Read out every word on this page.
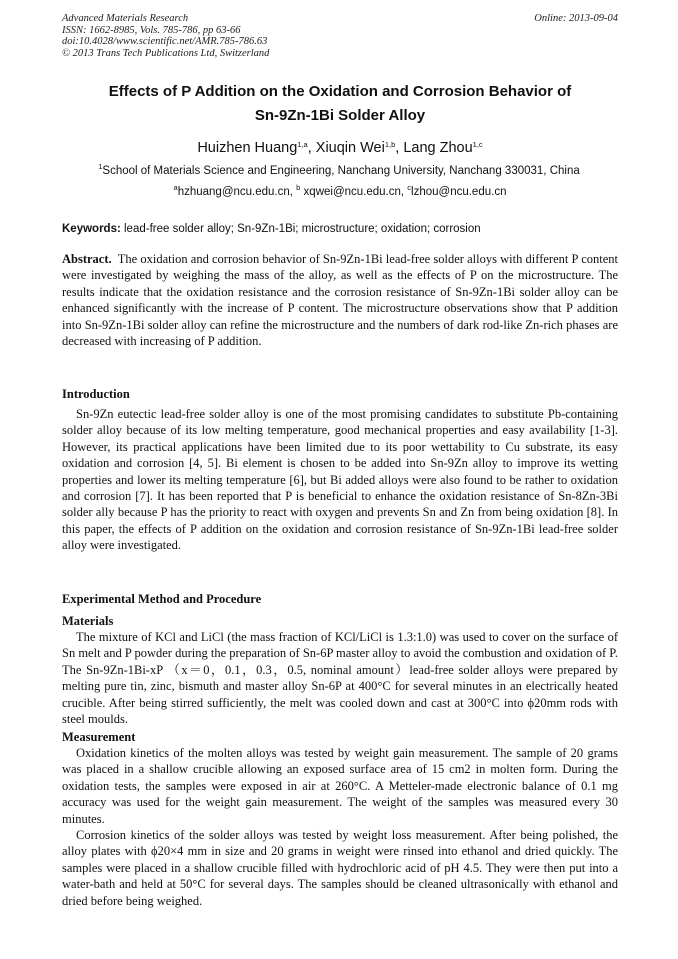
Advanced Materials Research
ISSN: 1662-8985, Vols. 785-786, pp 63-66
doi:10.4028/www.scientific.net/AMR.785-786.63
© 2013 Trans Tech Publications Ltd, Switzerland
Online: 2013-09-04
Effects of P Addition on the Oxidation and Corrosion Behavior of
Sn-9Zn-1Bi Solder Alloy
Huizhen Huang$^{1,a}$, Xiuqin Wei$^{1,b}$, Lang Zhou$^{1,c}$
$^1$School of Materials Science and Engineering, Nanchang University, Nanchang 330031, China
$^a$hzhuang@ncu.edu.cn, $^b$ xqwei@ncu.edu.cn, $^c$lzhou@ncu.edu.cn
Keywords: lead-free solder alloy; Sn-9Zn-1Bi; microstructure; oxidation; corrosion
Abstract. The oxidation and corrosion behavior of Sn-9Zn-1Bi lead-free solder alloys with different P content were investigated by weighing the mass of the alloy, as well as the effects of P on the microstructure. The results indicate that the oxidation resistance and the corrosion resistance of Sn-9Zn-1Bi solder alloy can be enhanced significantly with the increase of P content. The microstructure observations show that P addition into Sn-9Zn-1Bi solder alloy can refine the microstructure and the numbers of dark rod-like Zn-rich phases are decreased with increasing of P addition.
Introduction

Sn-9Zn eutectic lead-free solder alloy is one of the most promising candidates to substitute Pb-containing solder alloy because of its low melting temperature, good mechanical properties and easy availability [1-3]. However, its practical applications have been limited due to its poor wettability to Cu substrate, its easy oxidation and corrosion [4, 5]. Bi element is chosen to be added into Sn-9Zn alloy to improve its wetting properties and lower its melting temperature [6], but Bi added alloys were also found to be rather to oxidation and corrosion [7]. It has been reported that P is beneficial to enhance the oxidation resistance of Sn-8Zn-3Bi solder ally because P has the priority to react with oxygen and prevents Sn and Zn from being oxidation [8]. In this paper, the effects of P addition on the oxidation and corrosion resistance of Sn-9Zn-1Bi lead-free solder alloy were investigated.

Experimental Method and Procedure
Materials

The mixture of KCl and LiCl (the mass fraction of KCl/LiCl is 1.3:1.0) was used to cover on the surface of Sn melt and P powder during the preparation of Sn-6P master alloy to avoid the combustion and oxidation of P. The Sn-9Zn-1Bi-xP （x＝0，0.1，0.3，0.5, nominal amount）lead-free solder alloys were prepared by melting pure tin, zinc, bismuth and master alloy Sn-6P at 400°C for several minutes in an electrically heated crucible. After being stirred sufficiently, the melt was cooled down and cast at 300°C into ϕ20mm rods with steel moulds.

Measurement

Oxidation kinetics of the molten alloys was tested by weight gain measurement. The sample of 20 grams was placed in a shallow crucible allowing an exposed surface area of 15 cm2 in molten form. During the oxidation tests, the samples were exposed in air at 260°C. A Metteler-made electronic balance of 0.1 mg accuracy was used for the weight gain measurement. The weight of the samples was measured every 30 minutes.

Corrosion kinetics of the solder alloys was tested by weight loss measurement. After being polished, the alloy plates with ϕ20×4 mm in size and 20 grams in weight were rinsed into ethanol and dried quickly. The samples were placed in a shallow crucible filled with hydrochloric acid of pH 4.5. They were then put into a water-bath and held at 50°C for several days. The samples should be cleaned ultrasonically with ethanol and dried before being weighed.
